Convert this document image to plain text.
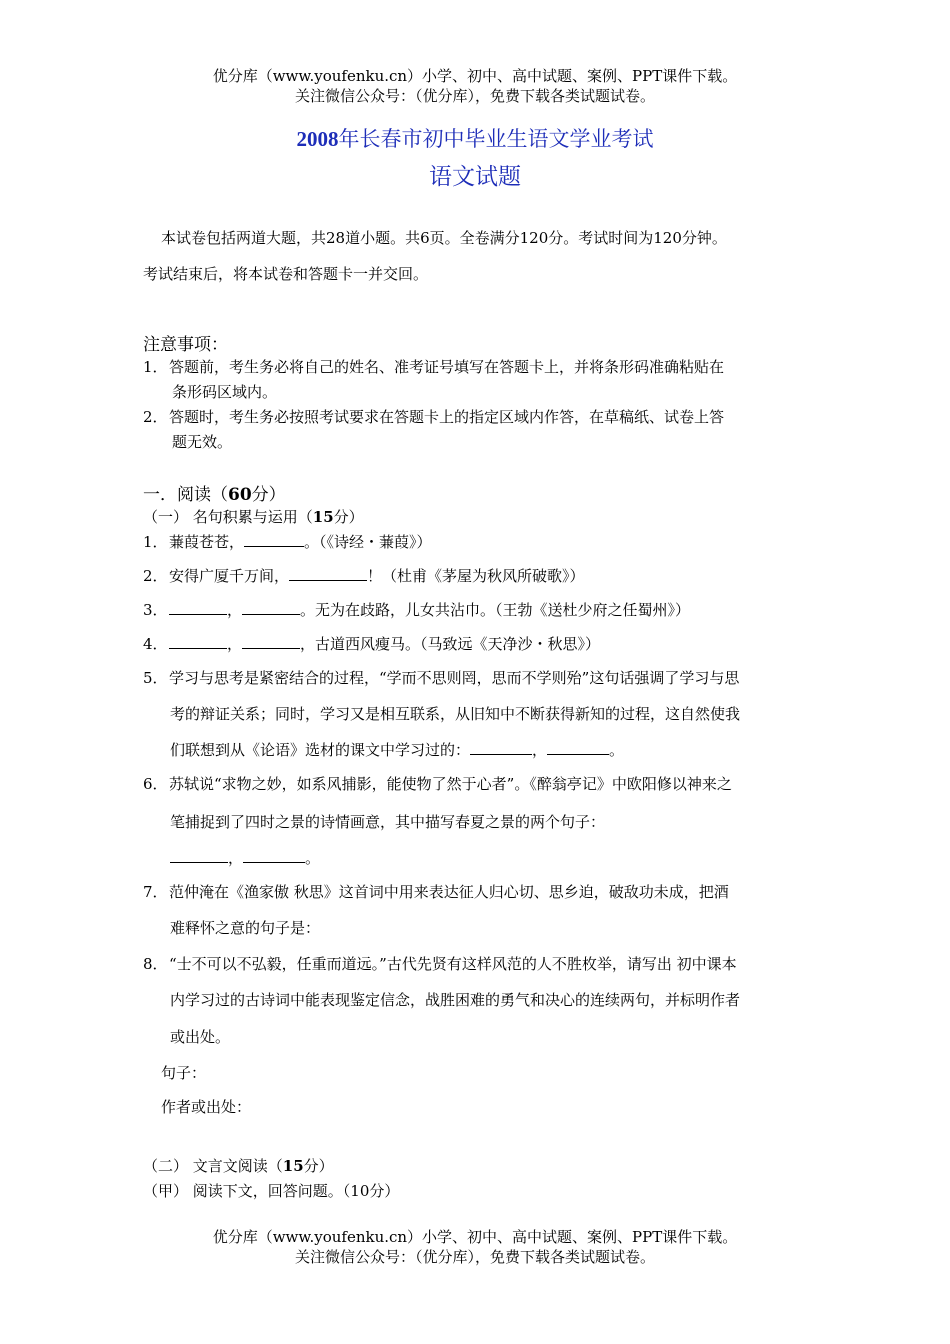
优分库（www.youfenku.cn）小学、初中、高中试题、案例、PPT课件下载。
关注微信公众号：（优分库），免费下载各类试题试卷。
2008年长春市初中毕业生语文学业考试
语文试题
本试卷包括两道大题，共28道小题。共6页。全卷满分120分。考试时间为120分钟。
考试结束后，将本试卷和答题卡一并交回。
注意事项：
1．答题前，考生务必将自己的姓名、准考证号填写在答题卡上，并将条形码准确粘贴在
条形码区域内。
2．答题时，考生务必按照考试要求在答题卡上的指定区域内作答，在草稿纸、试卷上答
题无效。
一．阅读（60分）
（一） 名句积累与运用（15分）
1．蒹葭苍苍，	。（《诗经・蒹葭》）
2．安得广厦千万间，	！（杜甫《茅屋为秋风所破歌》）
3．	，	。无为在歧路，儿女共沾巾。（王勃《送杜少府之任蜀州》）
4．	，	，古道西风瘦马。（马致远《天净沙・秋思》）
5．学习与思考是紧密结合的过程，“学而不思则罔，思而不学则殆”这句话强调了学习与思
考的辩证关系；同时，学习又是相互联系，从旧知中不断获得新知的过程，这自然使我
们联想到从《论语》选材的课文中学习过的：	，	。
6．苏轼说“求物之妙，如系风捕影，能使物了然于心者”。《醉翁亭记》中欧阳修以神来之
笔捕捉到了四时之景的诗情画意，其中描写春夏之景的两个句子：
，	。
7．范仲淹在《渔家傲 秋思》这首词中用来表达征人归心切、思乡迫，破敌功未成，把酒
难释怀之意的句子是：
8．“士不可以不弘毅，任重而道远。”古代先贤有这样风范的人不胜枚举，请写出 初中课本
内学习过的古诗词中能表现鉴定信念，战胜困难的勇气和决心的连续两句，并标明作者
或出处。
句子：
作者或出处：
（二） 文言文阅读（15分）
（甲） 阅读下文，回答问题。（10分）
优分库（www.youfenku.cn）小学、初中、高中试题、案例、PPT课件下载。
关注微信公众号：（优分库），免费下载各类试题试卷。
